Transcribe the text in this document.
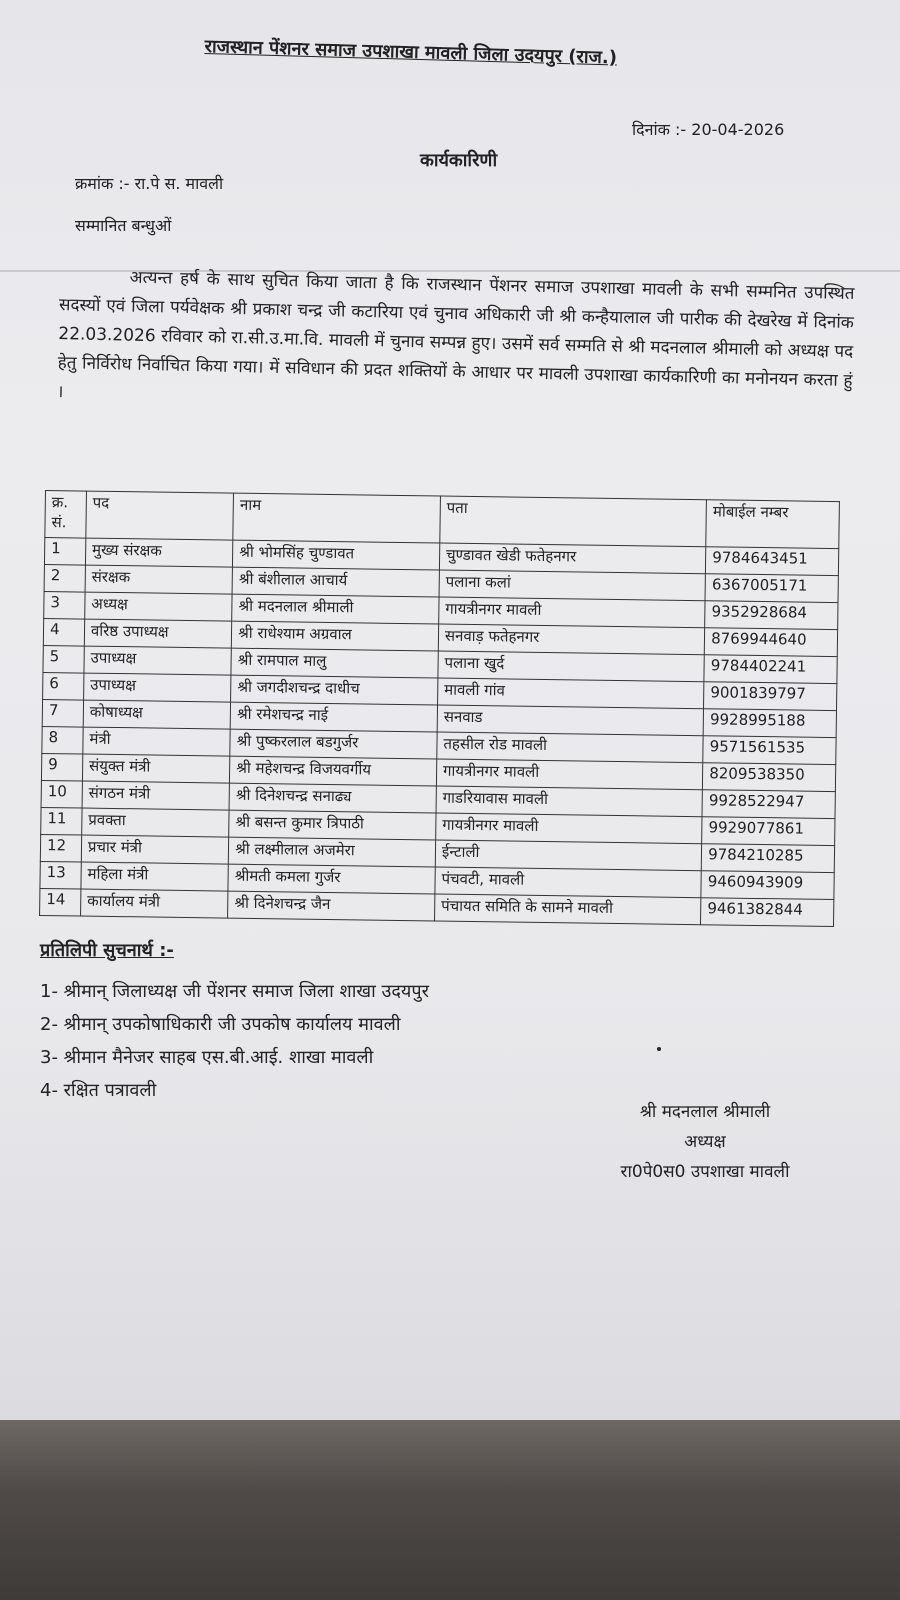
राजस्थान पेंशनर समाज उपशाखा मावली जिला उदयपुर (राज.)
दिनांक :- 20-04-2026
कार्यकारिणी
क्रमांक :- रा.पे स. मावली
सम्मानित बन्धुओं
अत्यन्त हर्ष के साथ सुचित किया जाता है कि राजस्थान पेंशनर समाज उपशाखा मावली के सभी सम्मनित उपस्थित सदस्यों एवं जिला पर्यवेक्षक श्री प्रकाश चन्द्र जी कटारिया एवं चुनाव अधिकारी जी श्री कन्हैयालाल जी पारीक की देखरेख में दिनांक 22.03.2026 रविवार को रा.सी.उ.मा.वि. मावली में चुनाव सम्पन्न हुए। उसमें सर्व सम्मति से श्री मदनलाल श्रीमाली को अध्यक्ष पद हेतु निर्विरोध निर्वाचित किया गया। में सविधान की प्रदत शक्तियों के आधार पर मावली उपशाखा कार्यकारिणी का मनोनयन करता हुं ।
क्र. सं.	पद	नाम	पता	मोबाईल नम्बर
1	मुख्य संरक्षक	श्री भोमसिंह चुण्डावत	चुण्डावत खेडी फतेहनगर	9784643451
2	संरक्षक	श्री बंशीलाल आचार्य	पलाना कलां	6367005171
3	अध्यक्ष	श्री मदनलाल श्रीमाली	गायत्रीनगर मावली	9352928684
4	वरिष्ठ उपाध्यक्ष	श्री राधेश्याम अग्रवाल	सनवाड़ फतेहनगर	8769944640
5	उपाध्यक्ष	श्री रामपाल मालु	पलाना खुर्द	9784402241
6	उपाध्यक्ष	श्री जगदीशचन्द्र दाधीच	मावली गांव	9001839797
7	कोषाध्यक्ष	श्री रमेशचन्द्र नाई	सनवाड	9928995188
8	मंत्री	श्री पुष्करलाल बडगुर्जर	तहसील रोड मावली	9571561535
9	संयुक्त मंत्री	श्री महेशचन्द्र विजयवर्गीय	गायत्रीनगर मावली	8209538350
10	संगठन मंत्री	श्री दिनेशचन्द्र सनाढ्य	गाडरियावास मावली	9928522947
11	प्रवक्ता	श्री बसन्त कुमार त्रिपाठी	गायत्रीनगर मावली	9929077861
12	प्रचार मंत्री	श्री लक्ष्मीलाल अजमेरा	ईन्टाली	9784210285
13	महिला मंत्री	श्रीमती कमला गुर्जर	पंचवटी, मावली	9460943909
14	कार्यालय मंत्री	श्री दिनेशचन्द्र जैन	पंचायत समिति के सामने मावली	9461382844
प्रतिलिपी सुचनार्थ :-
1- श्रीमान् जिलाध्यक्ष जी पेंशनर समाज जिला शाखा उदयपुर
2- श्रीमान् उपकोषाधिकारी जी उपकोष कार्यालय मावली
3- श्रीमान मैनेजर साहब एस.बी.आई. शाखा मावली
4- रक्षित पत्रावली
श्री मदनलाल श्रीमाली
अध्यक्ष
रा0पे0स0 उपशाखा मावली
